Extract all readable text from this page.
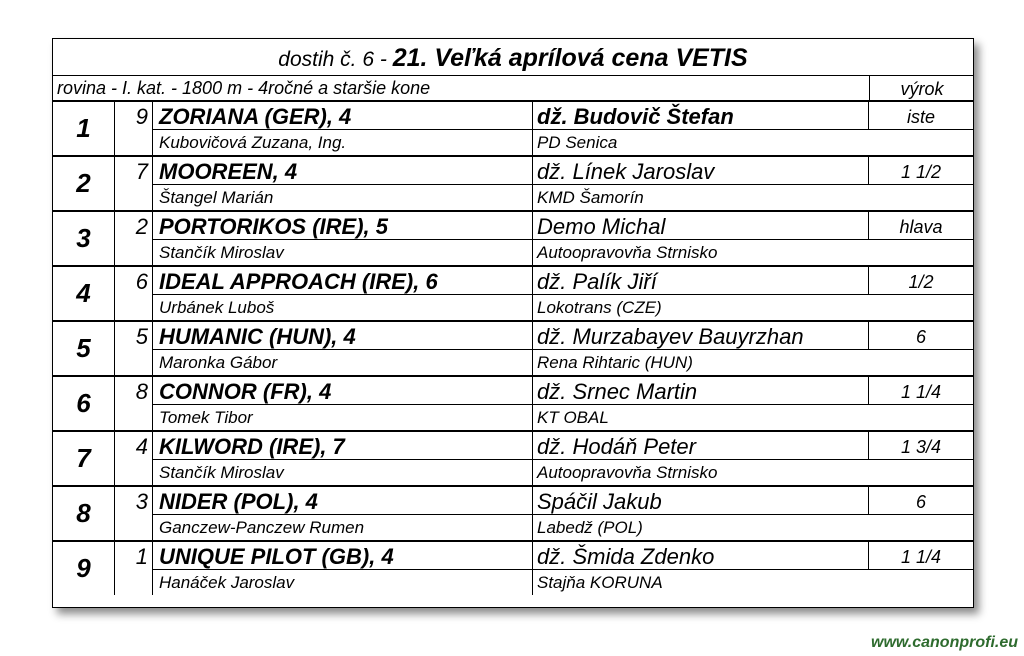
dostih č. 6 - 21. Veľká aprílová cena VETIS
rovina - I. kat. - 1800 m - 4ročné a staršie kone	výrok
1	9 ZORIANA (GER), 4	dž. Budovič Štefan	iste
Kubovičová Zuzana, Ing.	PD Senica
2	7 MOOREEN, 4	dž. Línek Jaroslav	1 1/2
Štangel Marián	KMD Šamorín
3	2 PORTORIKOS (IRE), 5	Demo Michal	hlava
Stančík Miroslav	Autoopravovňa Strnisko
4	6 IDEAL APPROACH (IRE), 6	dž. Palík Jiří	1/2
Urbánek Luboš	Lokotrans (CZE)
5	5 HUMANIC (HUN), 4	dž. Murzabayev Bauyrzhan	6
Maronka Gábor	Rena Rihtaric (HUN)
6	8 CONNOR (FR), 4	dž. Srnec Martin	1 1/4
Tomek Tibor	KT OBAL
7	4 KILWORD (IRE), 7	dž. Hodáň Peter	1 3/4
Stančík Miroslav	Autoopravovňa Strnisko
8	3 NIDER (POL), 4	Spáčil Jakub	6
Ganczew-Panczew Rumen	Labedž (POL)
9	1 UNIQUE PILOT (GB), 4	dž. Šmida Zdenko	1 1/4
Hanáček Jaroslav	Stajňa KORUNA
www.canonprofi.eu
